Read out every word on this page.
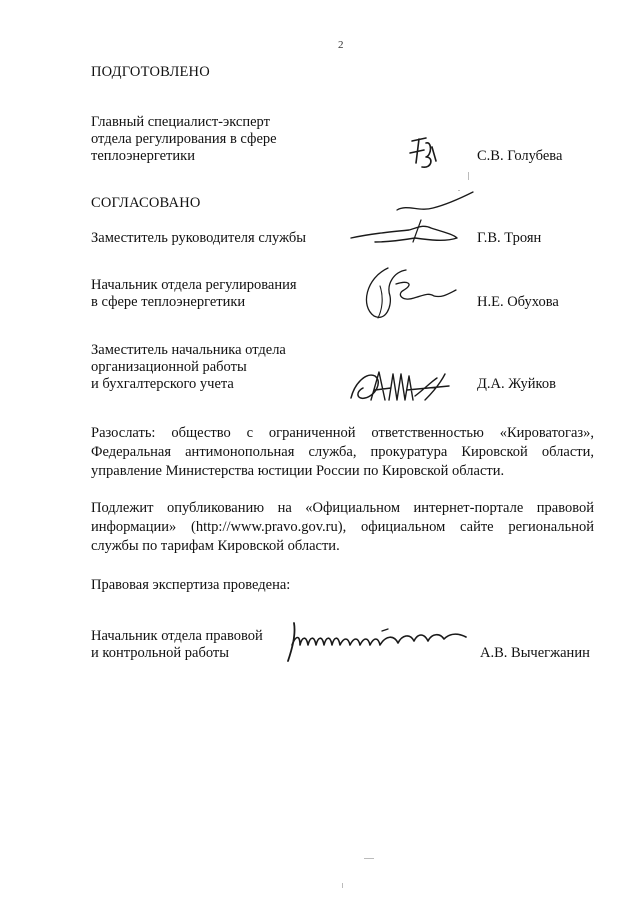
2
ПОДГОТОВЛЕНО
Главный специалист-эксперт
отдела регулирования в сфере
теплоэнергетики	С.В. Голубева
СОГЛАСОВАНО
Заместитель руководителя службы	Г.В. Троян
Начальник отдела регулирования
в сфере теплоэнергетики	Н.Е. Обухова
Заместитель начальника отдела
организационной работы
и бухгалтерского учета	Д.А. Жуйков
Разослать: общество с ограниченной ответственностью «Кироватогаз», Федеральная антимонопольная служба, прокуратура Кировской области, управление Министерства юстиции России по Кировской области.
Подлежит опубликованию на «Официальном интернет-портале правовой информации» (http://www.pravo.gov.ru), официальном сайте региональной службы по тарифам Кировской области.
Правовая экспертиза проведена:
Начальник отдела правовой
и контрольной работы	А.В. Вычегжанин
